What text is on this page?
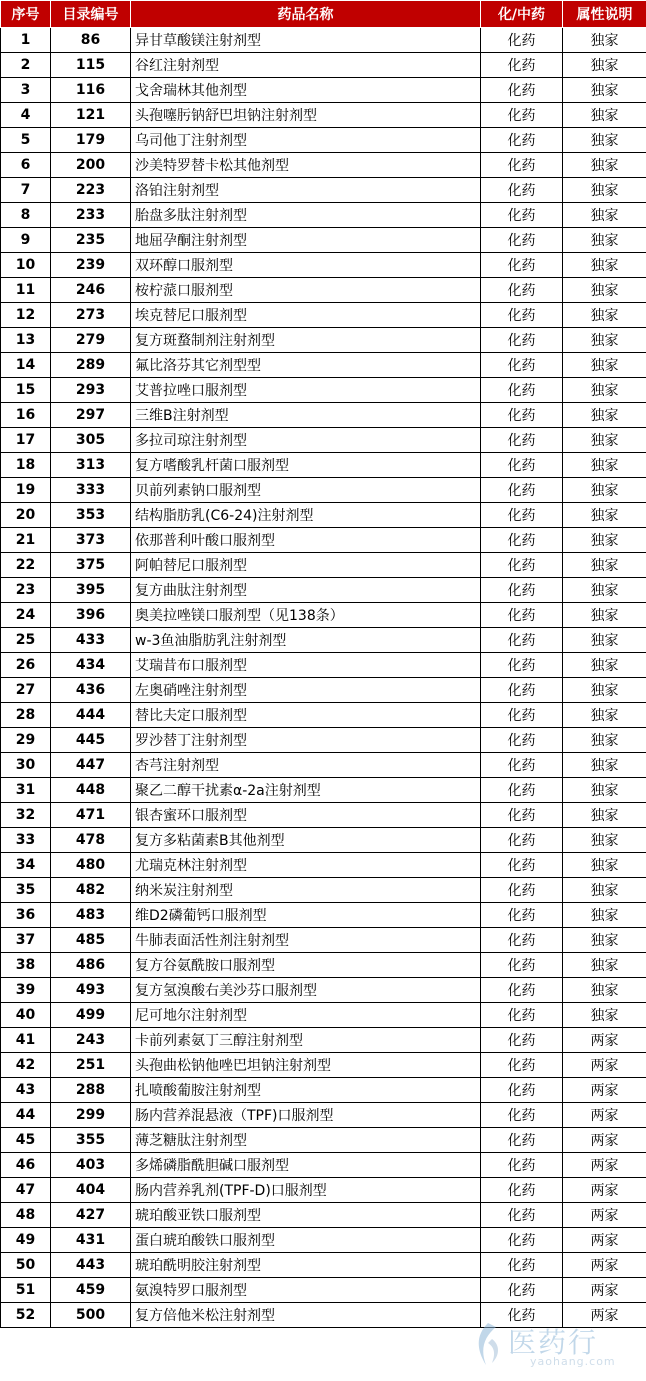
序号	目录编号	药品名称	化/中药	属性说明
1	86	异甘草酸镁注射剂型	化药	独家
2	115	谷红注射剂型	化药	独家
3	116	戈舍瑞林其他剂型	化药	独家
4	121	头孢噻肟钠舒巴坦钠注射剂型	化药	独家
5	179	乌司他丁注射剂型	化药	独家
6	200	沙美特罗替卡松其他剂型	化药	独家
7	223	洛铂注射剂型	化药	独家
8	233	胎盘多肽注射剂型	化药	独家
9	235	地屈孕酮注射剂型	化药	独家
10	239	双环醇口服剂型	化药	独家
11	246	桉柠蒎口服剂型	化药	独家
12	273	埃克替尼口服剂型	化药	独家
13	279	复方斑蝥制剂注射剂型	化药	独家
14	289	氟比洛芬其它剂型型	化药	独家
15	293	艾普拉唑口服剂型	化药	独家
16	297	三维B注射剂型	化药	独家
17	305	多拉司琼注射剂型	化药	独家
18	313	复方嗜酸乳杆菌口服剂型	化药	独家
19	333	贝前列素钠口服剂型	化药	独家
20	353	结构脂肪乳(C6-24)注射剂型	化药	独家
21	373	依那普利叶酸口服剂型	化药	独家
22	375	阿帕替尼口服剂型	化药	独家
23	395	复方曲肽注射剂型	化药	独家
24	396	奥美拉唑镁口服剂型（见138条）	化药	独家
25	433	w-3鱼油脂肪乳注射剂型	化药	独家
26	434	艾瑞昔布口服剂型	化药	独家
27	436	左奥硝唑注射剂型	化药	独家
28	444	替比夫定口服剂型	化药	独家
29	445	罗沙替丁注射剂型	化药	独家
30	447	杏芎注射剂型	化药	独家
31	448	聚乙二醇干扰素α-2a注射剂型	化药	独家
32	471	银杏蜜环口服剂型	化药	独家
33	478	复方多粘菌素B其他剂型	化药	独家
34	480	尤瑞克林注射剂型	化药	独家
35	482	纳米炭注射剂型	化药	独家
36	483	维D2磷葡钙口服剂型	化药	独家
37	485	牛肺表面活性剂注射剂型	化药	独家
38	486	复方谷氨酰胺口服剂型	化药	独家
39	493	复方氢溴酸右美沙芬口服剂型	化药	独家
40	499	尼可地尔注射剂型	化药	独家
41	243	卡前列素氨丁三醇注射剂型	化药	两家
42	251	头孢曲松钠他唑巴坦钠注射剂型	化药	两家
43	288	扎喷酸葡胺注射剂型	化药	两家
44	299	肠内营养混悬液（TPF)口服剂型	化药	两家
45	355	薄芝糖肽注射剂型	化药	两家
46	403	多烯磷脂酰胆碱口服剂型	化药	两家
47	404	肠内营养乳剂(TPF-D)口服剂型	化药	两家
48	427	琥珀酸亚铁口服剂型	化药	两家
49	431	蛋白琥珀酸铁口服剂型	化药	两家
50	443	琥珀酰明胶注射剂型	化药	两家
51	459	氨溴特罗口服剂型	化药	两家
52	500	复方倍他米松注射剂型	化药	两家
医药行
yaohang.com
